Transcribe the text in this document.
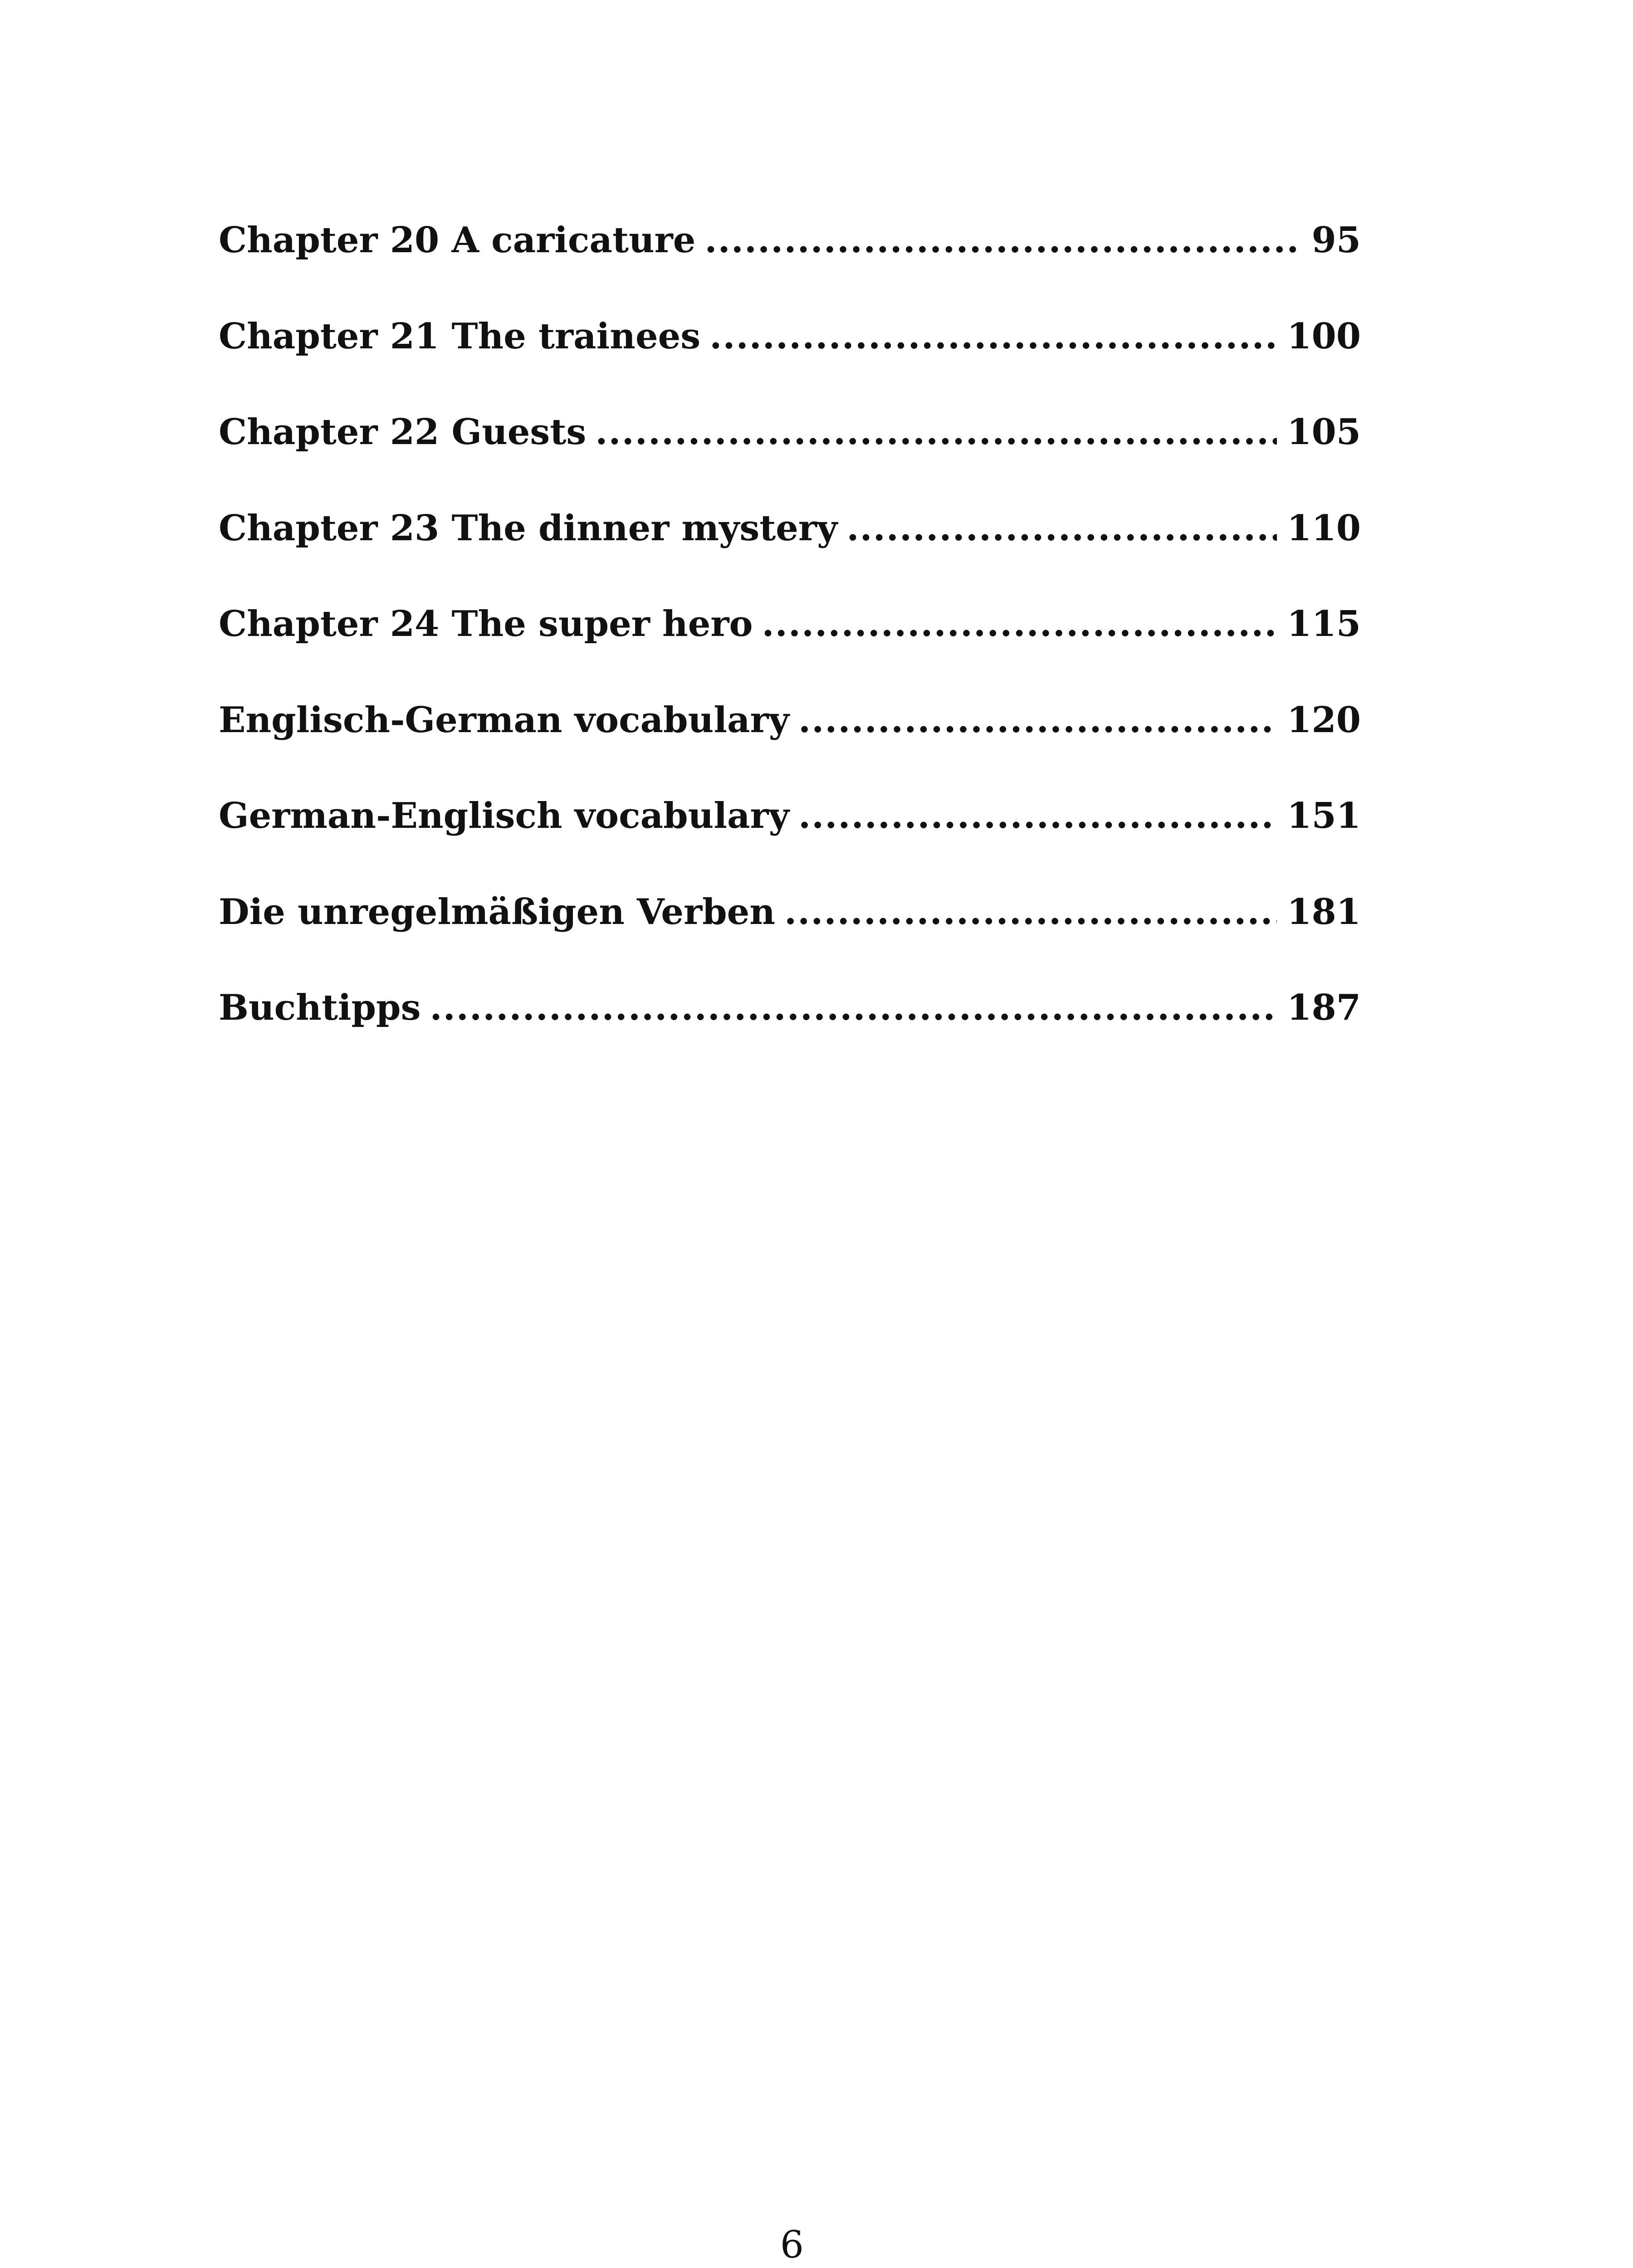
Chapter 20 A caricature .....	95
Chapter 21 The trainees .....	100
Chapter 22 Guests .....	105
Chapter 23 The dinner mystery .....	110
Chapter 24 The super hero .....	115
Englisch-German vocabulary .....	120
German-Englisch vocabulary .....	151
Die unregelmäßigen Verben .....	181
Buchtipps .....	187
6
